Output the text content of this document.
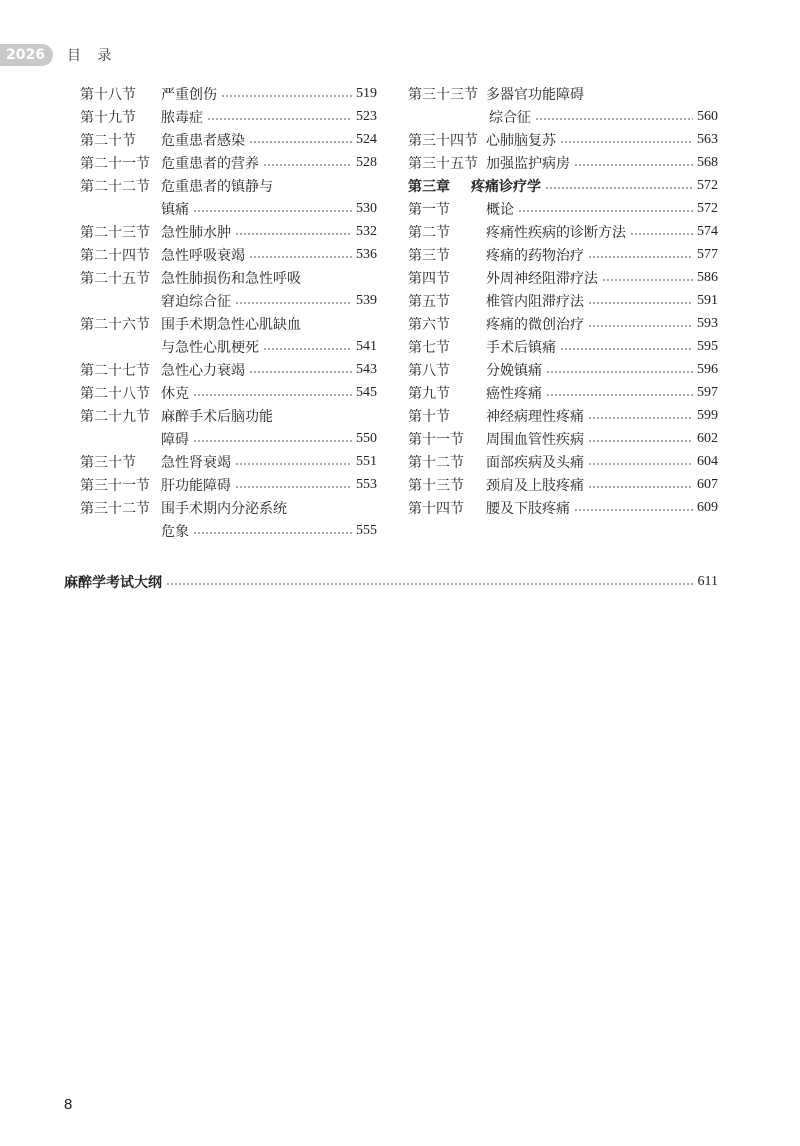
2026	目 录
第十八节	严重创伤	519
第十九节	脓毒症	523
第二十节	危重患者感染	524
第二十一节 危重患者的营养	528
第二十二节 危重患者的镇静与
镇痛	530
第二十三节 急性肺水肿	532
第二十四节 急性呼吸衰竭	536
第二十五节 急性肺损伤和急性呼吸
窘迫综合征	539
第二十六节 围手术期急性心肌缺血
与急性心肌梗死	541
第二十七节 急性心力衰竭	543
第二十八节 休克	545
第二十九节 麻醉手术后脑功能
障碍	550
第三十节	急性肾衰竭	551
第三十一节 肝功能障碍	553
第三十二节 围手术期内分泌系统
危象	555
第三十三节 多器官功能障碍
综合征	560
第三十四节 心肺脑复苏	563
第三十五节 加强监护病房	568
第三章	疼痛诊疗学	572
第一节	概论	572
第二节	疼痛性疾病的诊断方法	574
第三节	疼痛的药物治疗	577
第四节	外周神经阻滞疗法	586
第五节	椎管内阻滞疗法	591
第六节	疼痛的微创治疗	593
第七节	手术后镇痛	595
第八节	分娩镇痛	596
第九节	癌性疼痛	597
第十节	神经病理性疼痛	599
第十一节	周围血管性疾病	602
第十二节	面部疾病及头痛	604
第十三节	颈肩及上肢疼痛	607
第十四节	腰及下肢疼痛	609
麻醉学考试大纲	611
8
